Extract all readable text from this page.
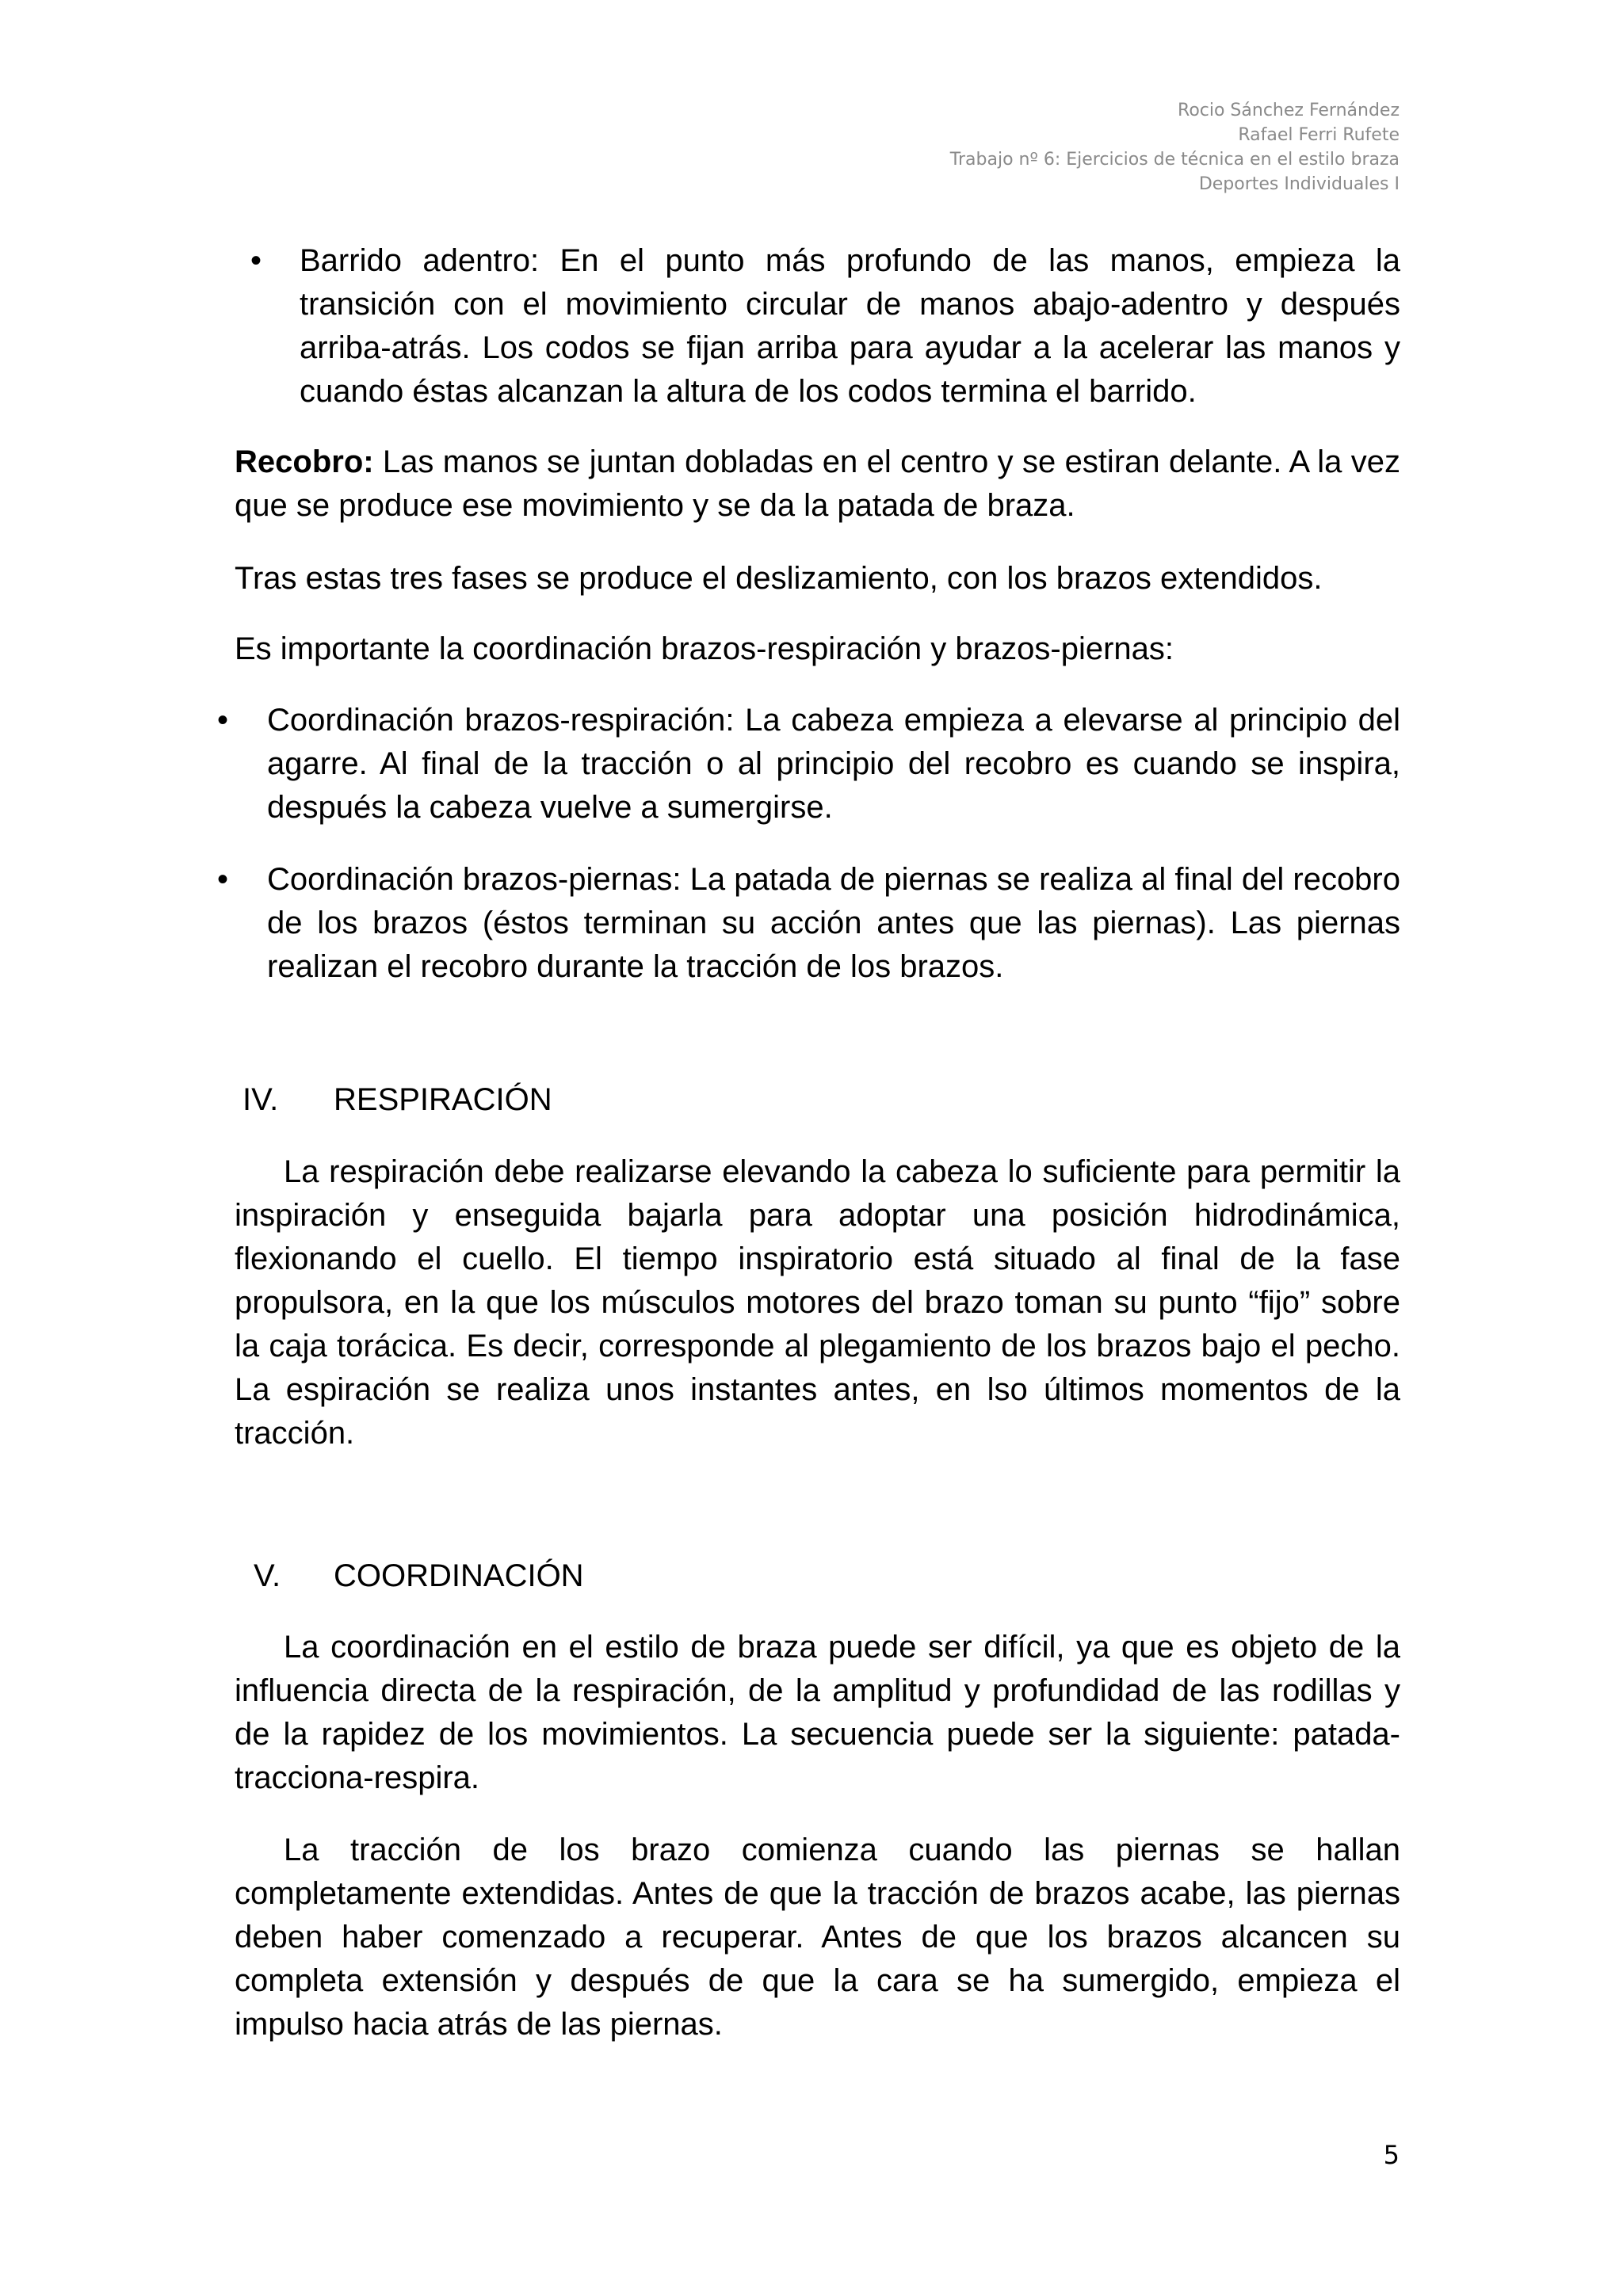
Rocio Sánchez Fernández
Rafael Ferri Rufete
Trabajo nº 6: Ejercicios de técnica en el estilo braza
Deportes Individuales I
• Barrido adentro: En el punto más profundo de las manos, empieza la transición con el movimiento circular de manos abajo-adentro y después arriba-atrás. Los codos se fijan arriba para ayudar a la acelerar las manos y cuando éstas alcanzan la altura de los codos termina el barrido.
Recobro: Las manos se juntan dobladas en el centro y se estiran delante. A la vez que se produce ese movimiento y se da la patada de braza.
Tras estas tres fases se produce el deslizamiento, con los brazos extendidos.
Es importante la coordinación brazos-respiración y brazos-piernas:
• Coordinación brazos-respiración: La cabeza empieza a elevarse al principio del agarre. Al final de la tracción o al principio del recobro es cuando se inspira, después la cabeza vuelve a sumergirse.
• Coordinación brazos-piernas: La patada de piernas se realiza al final del recobro de los brazos (éstos terminan su acción antes que las piernas). Las piernas realizan el recobro durante la tracción de los brazos.
IV. RESPIRACIÓN
La respiración debe realizarse elevando la cabeza lo suficiente para permitir la inspiración y enseguida bajarla para adoptar una posición hidrodinámica, flexionando el cuello. El tiempo inspiratorio está situado al final de la fase propulsora, en la que los músculos motores del brazo toman su punto “fijo” sobre la caja torácica. Es decir, corresponde al plegamiento de los brazos bajo el pecho. La espiración se realiza unos instantes antes, en lso últimos momentos de la tracción.
V. COORDINACIÓN
La coordinación en el estilo de braza puede ser difícil, ya que es objeto de la influencia directa de la respiración, de la amplitud y profundidad de las rodillas y de la rapidez de los movimientos. La secuencia puede ser la siguiente: patada-tracciona-respira.
La tracción de los brazo comienza cuando las piernas se hallan completamente extendidas. Antes de que la tracción de brazos acabe, las piernas deben haber comenzado a recuperar. Antes de que los brazos alcancen su completa extensión y después de que la cara se ha sumergido, empieza el impulso hacia atrás de las piernas.
5
